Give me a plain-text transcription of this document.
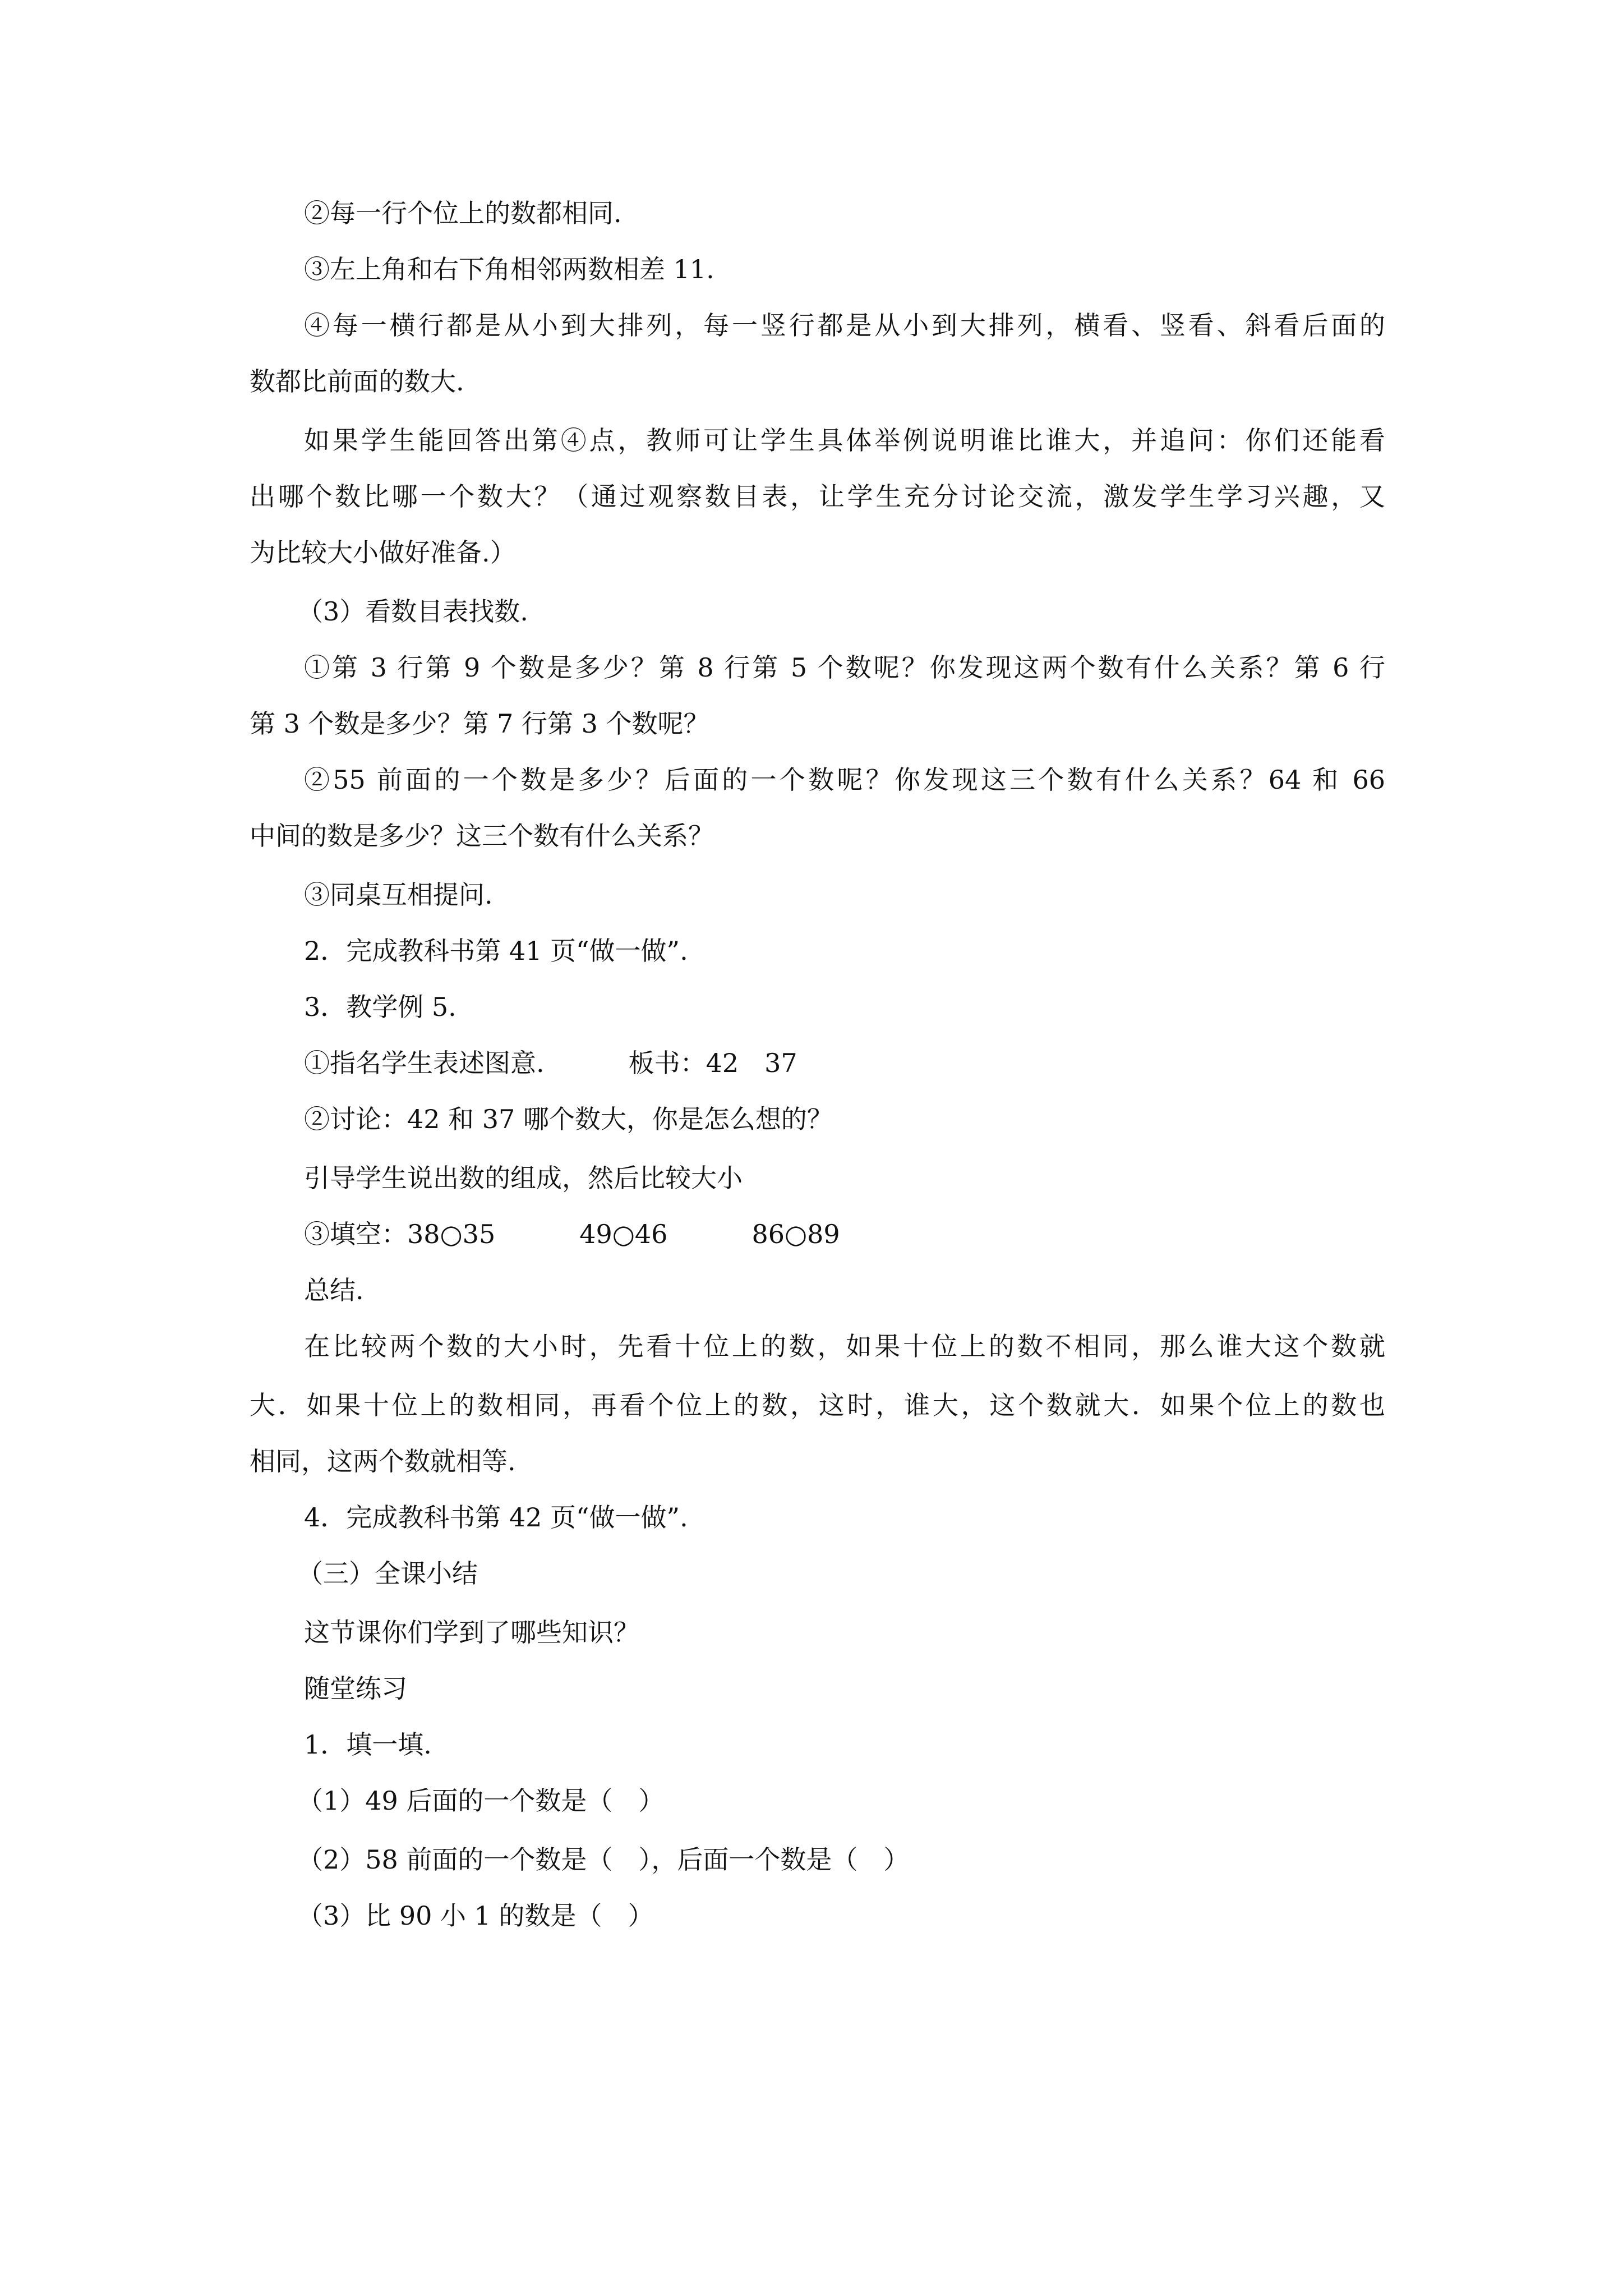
②每一行个位上的数都相同.
③左上角和右下角相邻两数相差 11.
④每一横行都是从小到大排列，每一竖行都是从小到大排列，横看、竖看、斜看后面的
数都比前面的数大.
如果学生能回答出第④点，教师可让学生具体举例说明谁比谁大，并追问：你们还能看
出哪个数比哪一个数大？（通过观察数目表，让学生充分讨论交流，激发学生学习兴趣，又
为比较大小做好准备.）
（3）看数目表找数.
①第 3 行第 9 个数是多少？第 8 行第 5 个数呢？你发现这两个数有什么关系？第 6 行
第 3 个数是多少？第 7 行第 3 个数呢？
②55 前面的一个数是多少？后面的一个数呢？你发现这三个数有什么关系？64 和 66
中间的数是多少？这三个数有什么关系？
③同桌互相提问.
2．完成教科书第 41 页“做一做”.
3．教学例 5.
①指名学生表述图意.	板书：42　37
②讨论：42 和 37 哪个数大，你是怎么想的？
引导学生说出数的组成，然后比较大小
③填空：38○35	49○46	86○89
总结.
在比较两个数的大小时，先看十位上的数，如果十位上的数不相同，那么谁大这个数就
大．如果十位上的数相同，再看个位上的数，这时，谁大，这个数就大．如果个位上的数也
相同，这两个数就相等.
4．完成教科书第 42 页“做一做”.
（三）全课小结
这节课你们学到了哪些知识？
随堂练习
1．填一填.
（1）49 后面的一个数是（　）
（2）58 前面的一个数是（　），后面一个数是（　）
（3）比 90 小 1 的数是（　）
